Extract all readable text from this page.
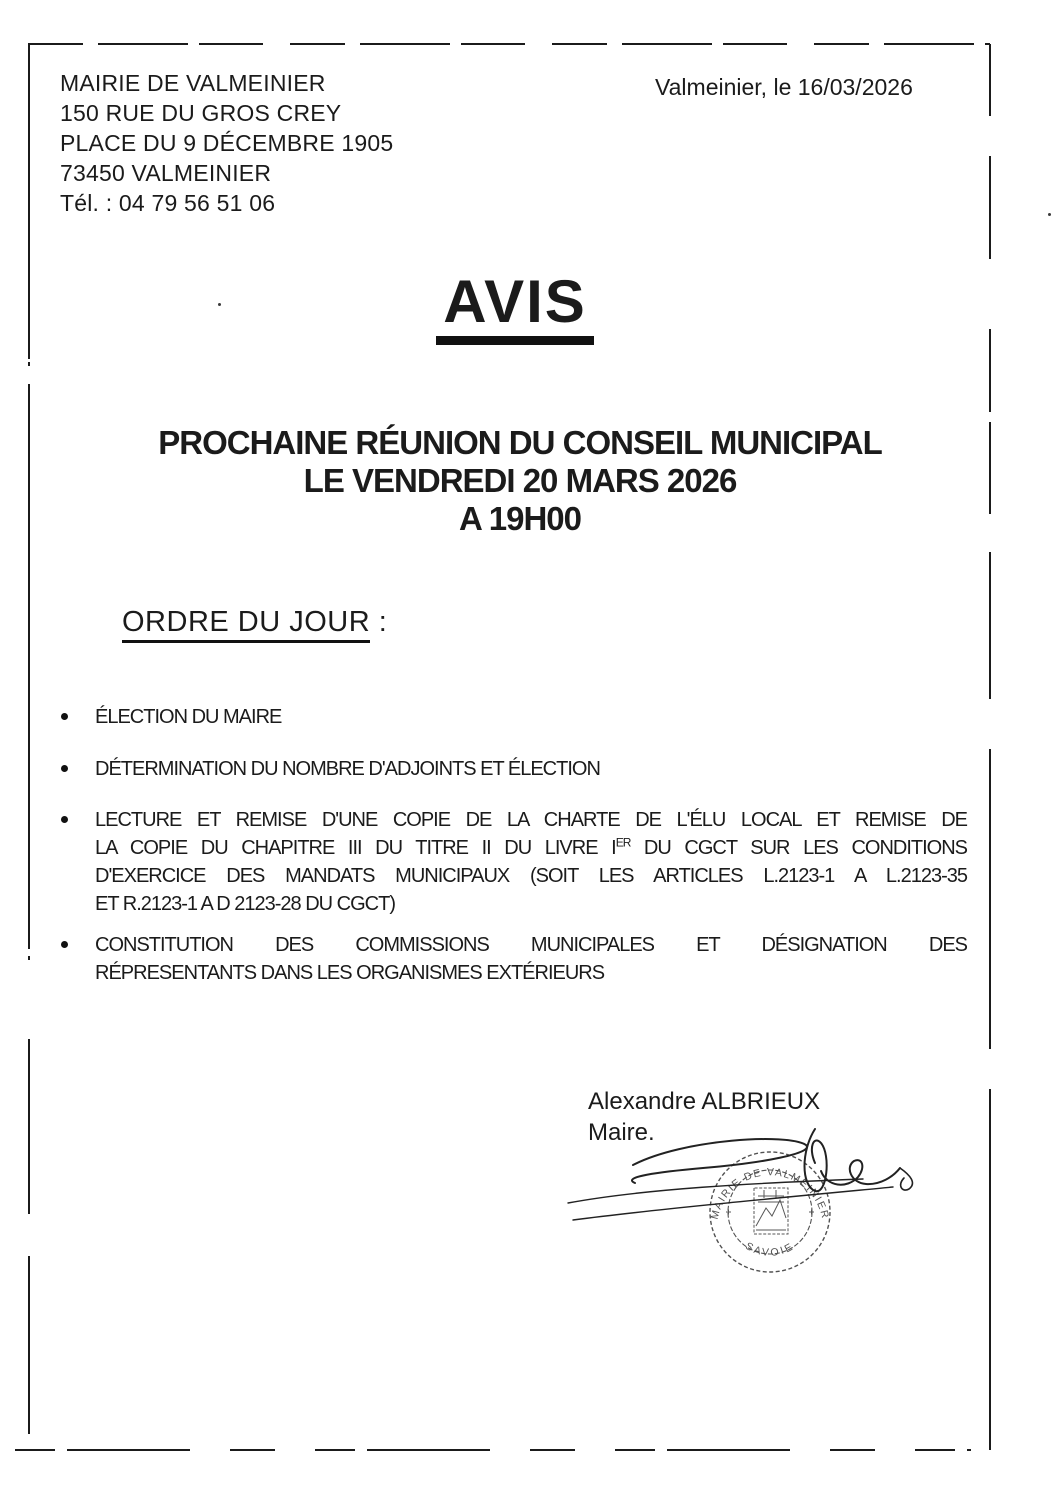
MAIRIE DE VALMEINIER
150 RUE DU GROS CREY
PLACE DU 9 DÉCEMBRE 1905
73450 VALMEINIER
Tél. : 04 79 56 51 06
Valmeinier, le 16/03/2026
AVIS
PROCHAINE RÉUNION DU CONSEIL MUNICIPAL
LE VENDREDI 20 MARS 2026
A 19H00
ORDRE DU JOUR :
ÉLECTION DU MAIRE
DÉTERMINATION DU NOMBRE D'ADJOINTS ET ÉLECTION
LECTURE ET REMISE D'UNE COPIE DE LA CHARTE DE L'ÉLU LOCAL ET REMISE DE
LA COPIE DU CHAPITRE III DU TITRE II DU LIVRE IER DU CGCT SUR LES CONDITIONS
D'EXERCICE DES MANDATS MUNICIPAUX (SOIT LES ARTICLES L.2123-1 A L.2123-35
ET R.2123-1 A D 2123-28 DU CGCT)
CONSTITUTION DES COMMISSIONS MUNICIPALES ET DÉSIGNATION DES
RÉPRESENTANTS DANS LES ORGANISMES EXTÉRIEURS
Alexandre ALBRIEUX
Maire.
MAIRIE DE VALMEINIER
SAVOIE
